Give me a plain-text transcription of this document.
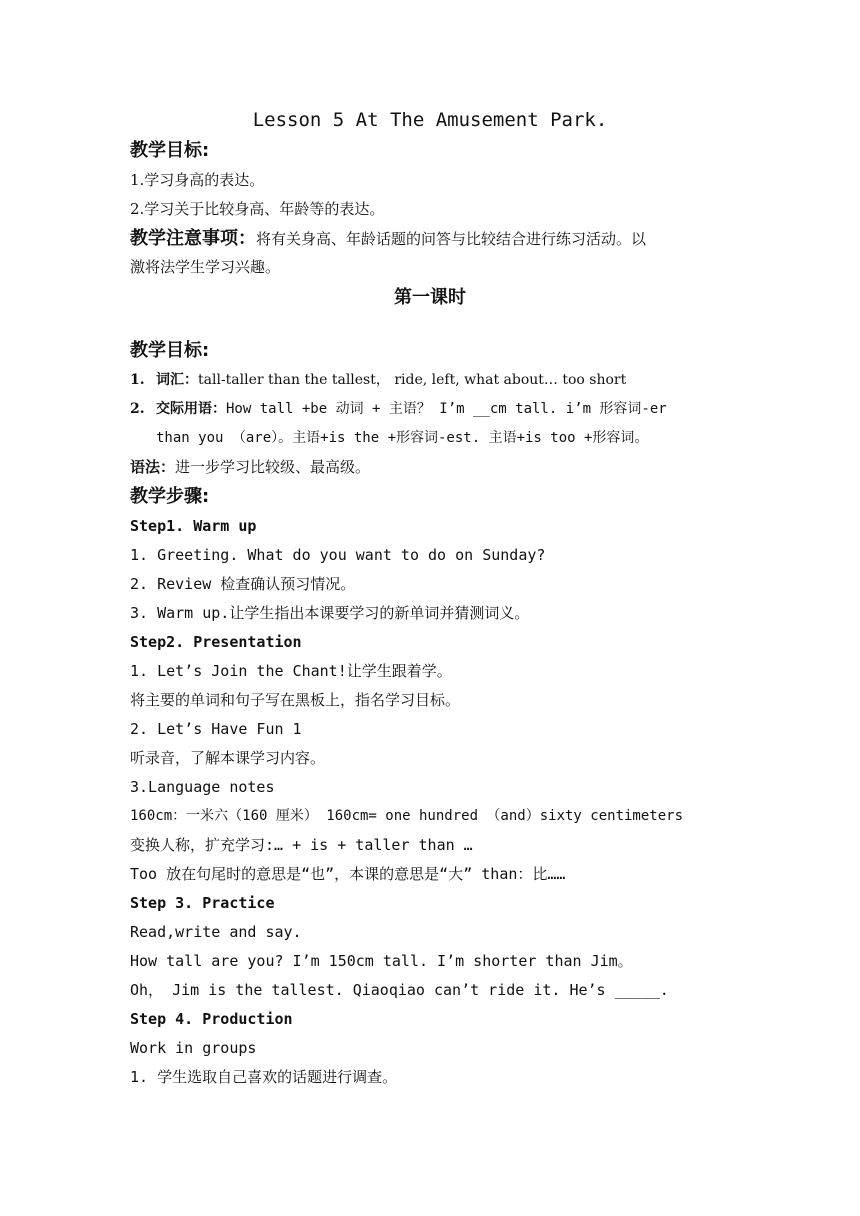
Lesson 5 At The Amusement Park.
教学目标:
1.学习身高的表达。
2.学习关于比较身高、年龄等的表达。
教学注意事项：将有关身高、年龄话题的问答与比较结合进行练习活动。以
激将法学生学习兴趣。
第一课时
教学目标:
1. 词汇：tall-taller than the tallest， ride, left, what about… too short
2. 交际用语：How tall +be 动词 + 主语？ I’m __cm tall. i’m 形容词-er
than you （are）。主语+is the +形容词-est. 主语+is too +形容词。
语法：进一步学习比较级、最高级。
教学步骤:
Step1. Warm up
1. Greeting. What do you want to do on Sunday?
2. Review 检查确认预习情况。
3. Warm up.让学生指出本课要学习的新单词并猜测词义。
Step2. Presentation
1. Let’s Join the Chant!让学生跟着学。
将主要的单词和句子写在黑板上，指名学习目标。
2. Let’s Have Fun 1
听录音，了解本课学习内容。
3.Language notes
160cm：一米六（160 厘米） 160cm= one hundred （and）sixty centimeters
变换人称，扩充学习:… + is + taller than …
Too 放在句尾时的意思是“也”，本课的意思是“大” than：比……
Step 3. Practice
Read,write and say.
How tall are you? I’m 150cm tall. I’m shorter than Jim。
Oh， Jim is the tallest. Qiaoqiao can’t ride it. He’s _____.
Step 4. Production
Work in groups
1. 学生选取自己喜欢的话题进行调查。
